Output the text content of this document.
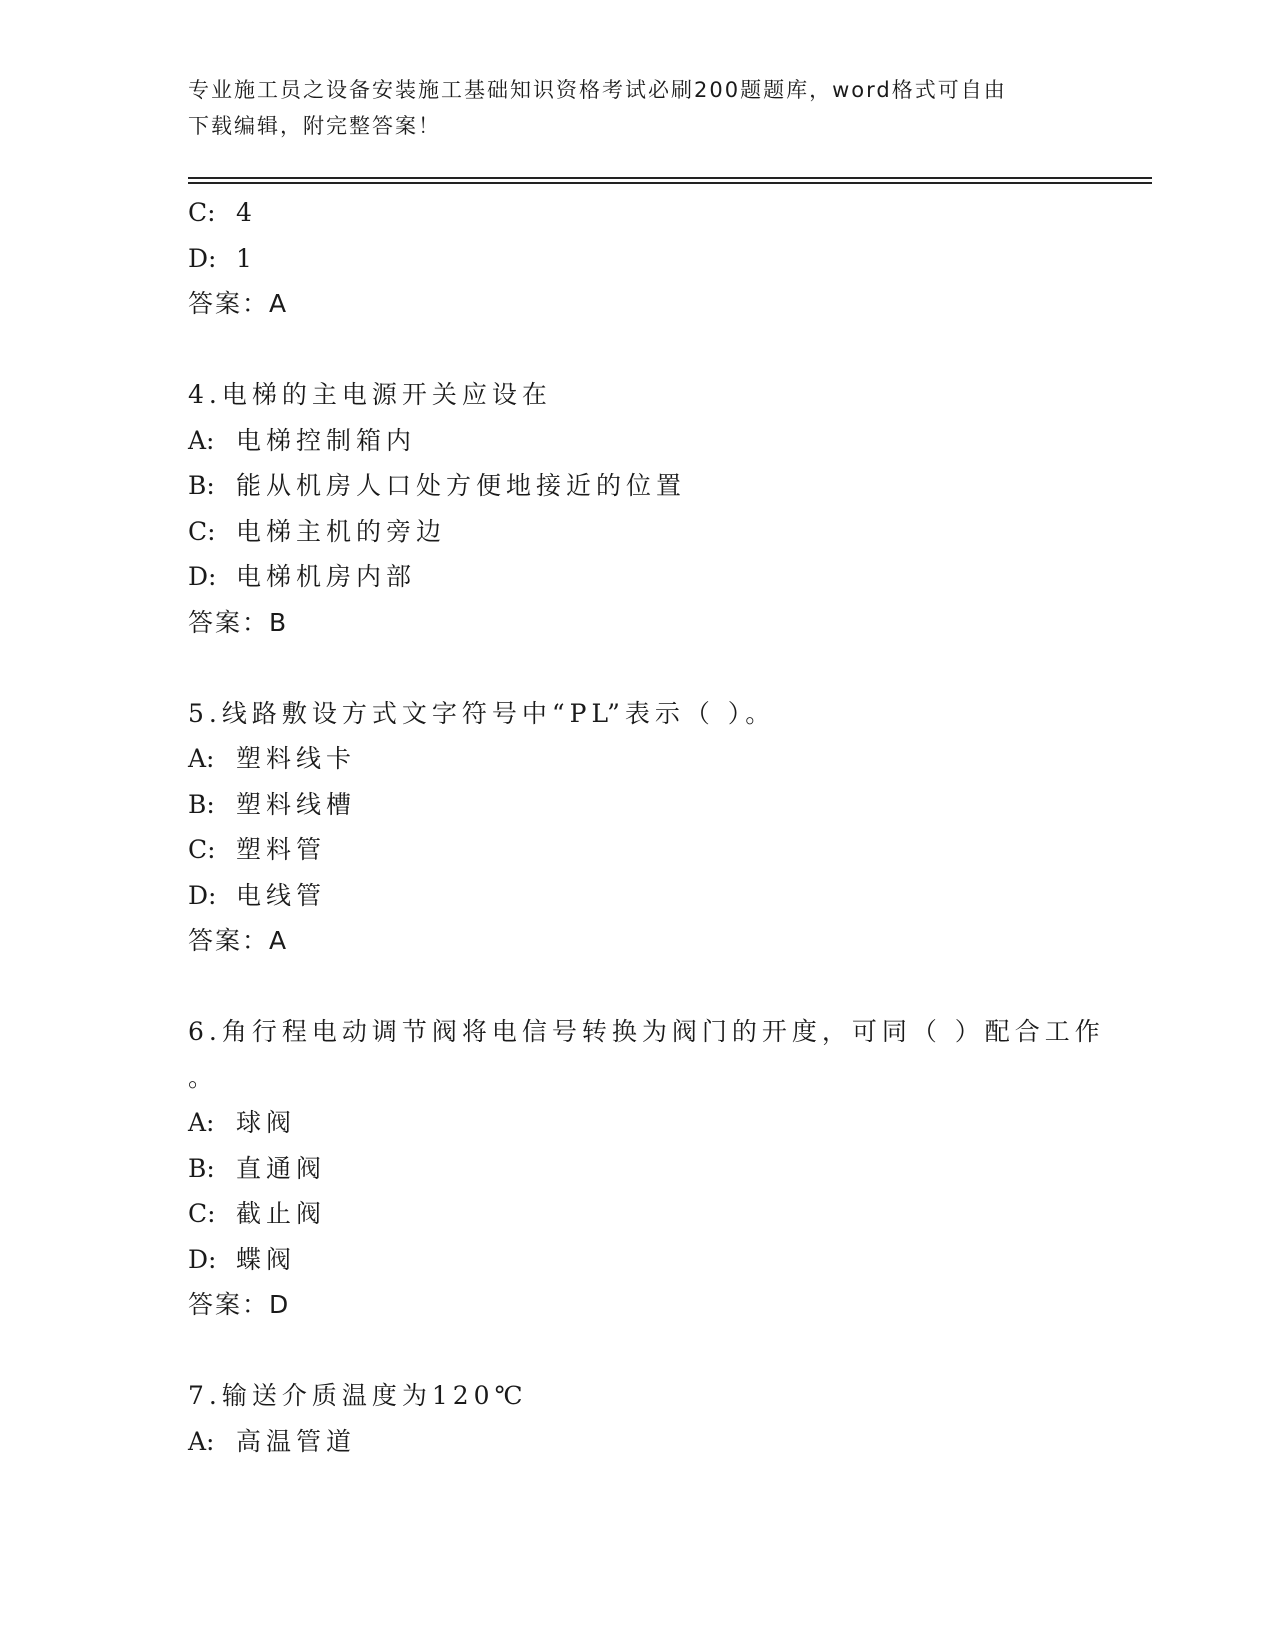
专业施工员之设备安装施工基础知识资格考试必刷200题题库，word格式可自由
下载编辑，附完整答案！
C: 4
D: 1
答案：A
4.电梯的主电源开关应设在
A: 电梯控制箱内
B: 能从机房人口处方便地接近的位置
C: 电梯主机的旁边
D: 电梯机房内部
答案：B
5.线路敷设方式文字符号中“PL”表示（ ）。
A: 塑料线卡
B: 塑料线槽
C: 塑料管
D: 电线管
答案：A
6.角行程电动调节阀将电信号转换为阀门的开度，可同（ ）配合工作
。
A: 球阀
B: 直通阀
C: 截止阀
D: 蝶阀
答案：D
7.输送介质温度为120℃
A: 高温管道
